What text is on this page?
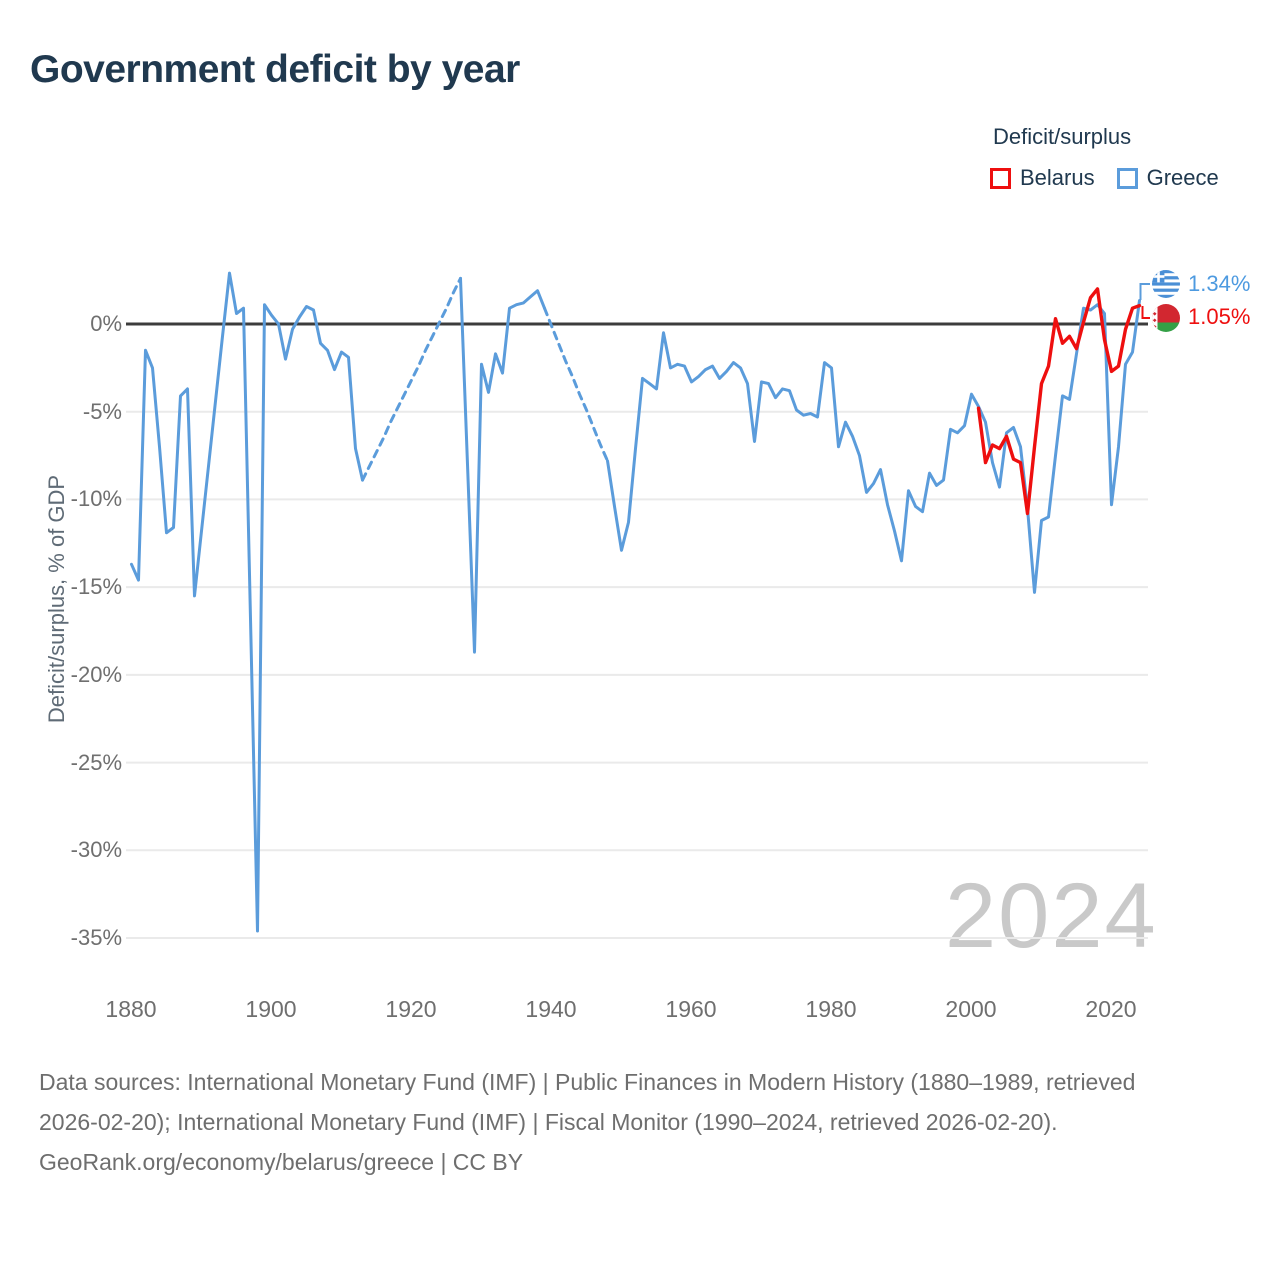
Government deficit by year
Deficit/surplus
Belarus Greece
Deficit/surplus, % of GDP
0%
-5%
-10%
-15%
-20%
-25%
-30%
-35%
1880	1900	1920	1940	1960	1980	2000	2020
2024
1.34%
1.05%

Data sources: International Monetary Fund (IMF) | Public Finances in Modern History (1880–1989, retrieved 2026-02-20); International Monetary Fund (IMF) | Fiscal Monitor (1990–2024, retrieved 2026-02-20).

GeoRank.org/economy/belarus/greece | CC BY
